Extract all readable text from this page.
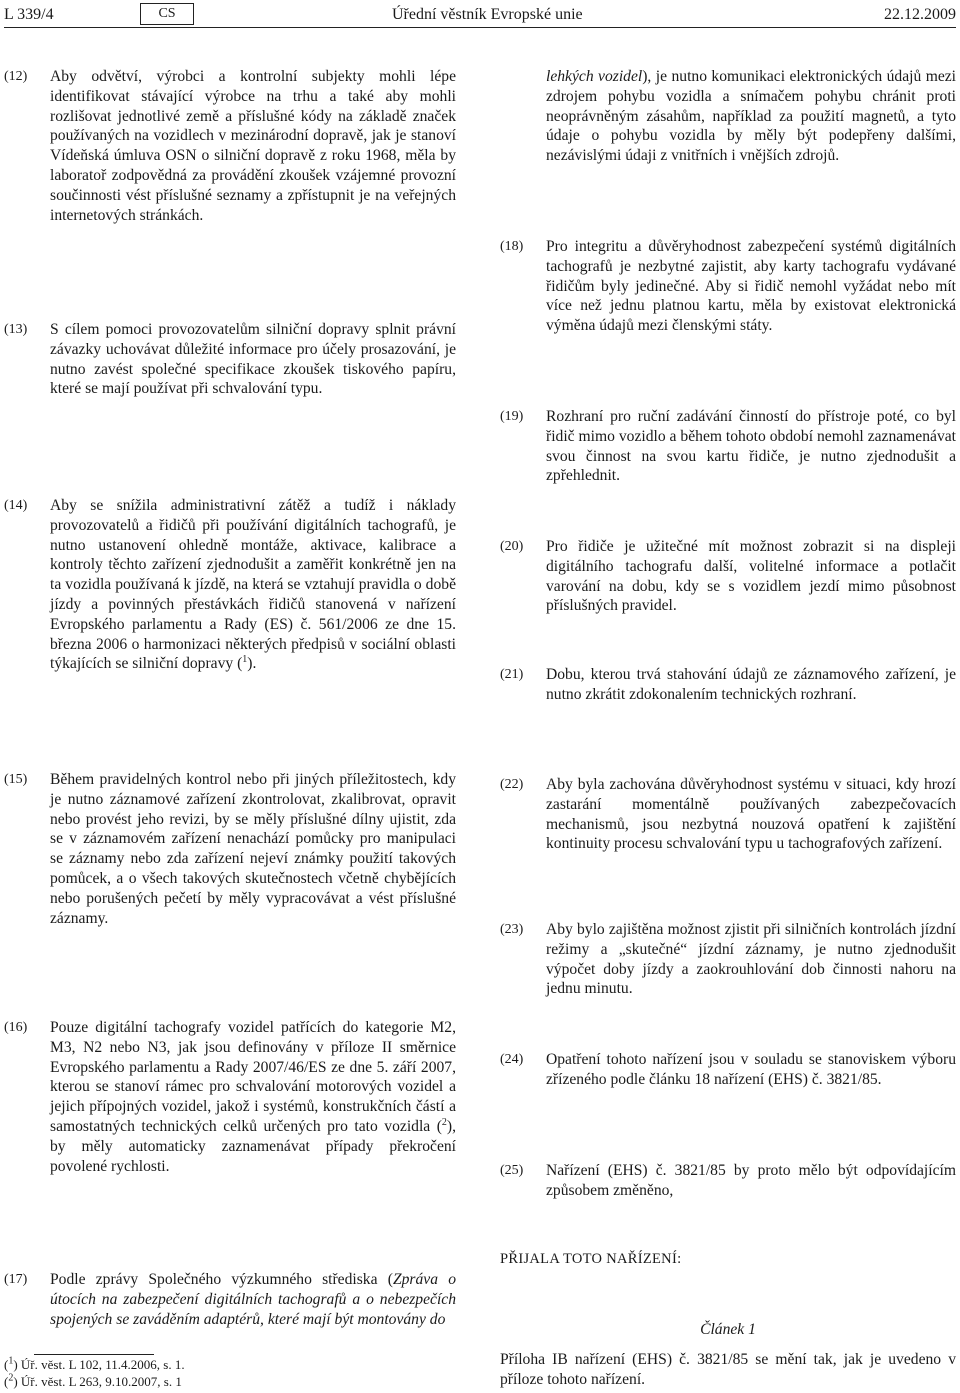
L 339/4	CS	Úřední věstník Evropské unie	22.12.2009
(12)	Aby odvětví, výrobci a kontrolní subjekty mohli lépe identifikovat stávající výrobce na trhu a také aby mohli rozlišovat jednotlivé země a příslušné kódy na základě značek používaných na vozidlech v mezinárodní dopravě, jak je stanoví Vídeňská úmluva OSN o silniční dopravě z roku 1968, měla by laboratoř zodpovědná za provádění zkoušek vzájemné provozní součinnosti vést příslušné seznamy a zpřístupnit je na veřejných internetových stránkách.
(13)	S cílem pomoci provozovatelům silniční dopravy splnit právní závazky uchovávat důležité informace pro účely prosazování, je nutno zavést společné specifikace zkoušek tiskového papíru, které se mají používat při schvalování typu.
(14)	Aby se snížila administrativní zátěž a tudíž i náklady provozovatelů a řidičů při používání digitálních tachografů, je nutno ustanovení ohledně montáže, aktivace, kalibrace a kontroly těchto zařízení zjednodušit a zaměřit konkrétně jen na ta vozidla používaná k jízdě, na která se vztahují pravidla o době jízdy a povinných přestávkách řidičů stanovená v nařízení Evropského parlamentu a Rady (ES) č. 561/2006 ze dne 15. března 2006 o harmonizaci některých předpisů v sociální oblasti týkajících se silniční dopravy ($^1$).
lehkých vozidel), je nutno komunikaci elektronických údajů mezi zdrojem pohybu vozidla a snímačem pohybu chránit proti neoprávněným zásahům, například za použití magnetů, a tyto údaje o pohybu vozidla by měly být podepřeny dalšími, nezávislými údaji z vnitřních i vnějších zdrojů.
(18)	Pro integritu a důvěryhodnost zabezpečení systémů digitálních tachografů je nezbytné zajistit, aby karty tachografu vydávané řidičům byly jedinečné. Aby si řidič nemohl vyžádat nebo mít více než jednu platnou kartu, měla by existovat elektronická výměna údajů mezi členskými státy.
(19)	Rozhraní pro ruční zadávání činností do přístroje poté, co byl řidič mimo vozidlo a během tohoto období nemohl zaznamenávat svou činnost na svou kartu řidiče, je nutno zjednodušit a zpřehlednit.
(20)	Pro řidiče je užitečné mít možnost zobrazit si na displeji digitálního tachografu další, volitelné informace a potlačit varování na dobu, kdy se s vozidlem jezdí mimo působnost příslušných pravidel.
(21)	Dobu, kterou trvá stahování údajů ze záznamového zařízení, je nutno zkrátit zdokonalením technických rozhraní.
(15)	Během pravidelných kontrol nebo při jiných příležitostech, kdy je nutno záznamové zařízení zkontrolovat, zkalibrovat, opravit nebo provést jeho revizi, by se měly příslušné dílny ujistit, zda se v záznamovém zařízení nenachází pomůcky pro manipulaci se záznamy nebo zda zařízení nejeví známky použití takových pomůcek, a o všech takových skutečnostech včetně chybějících nebo porušených pečetí by měly vypracovávat a vést příslušné záznamy.
(16)	Pouze digitální tachografy vozidel patřících do kategorie M2, M3, N2 nebo N3, jak jsou definovány v příloze II směrnice Evropského parlamentu a Rady 2007/46/ES ze dne 5. září 2007, kterou se stanoví rámec pro schvalování motorových vozidel a jejich přípojných vozidel, jakož i systémů, konstrukčních částí a samostatných technických celků určených pro tato vozidla ($^2$), by měly automaticky zaznamenávat případy překročení povolené rychlosti.
(22)	Aby byla zachována důvěryhodnost systému v situaci, kdy hrozí zastarání momentálně používaných zabezpečovacích mechanismů, jsou nezbytná nouzová opatření k zajištění kontinuity procesu schvalování typu u tachografových zařízení.
(23)	Aby bylo zajištěna možnost zjistit při silničních kontrolách jízdní režimy a „skutečné“ jízdní záznamy, je nutno zjednodušit výpočet doby jízdy a zaokrouhlování dob činnosti nahoru na jednu minutu.
(24)	Opatření tohoto nařízení jsou v souladu se stanoviskem výboru zřízeného podle článku 18 nařízení (EHS) č. 3821/85.
(25)	Nařízení (EHS) č. 3821/85 by proto mělo být odpovídajícím způsobem změněno,
(17)	Podle zprávy Společného výzkumného střediska (Zpráva o útocích na zabezpečení digitálních tachografů a o nebezpečích spojených se zaváděním adaptérů, které mají být montovány do
PŘIJALA TOTO NAŘÍZENÍ:
Článek 1
Příloha IB nařízení (EHS) č. 3821/85 se mění tak, jak je uvedeno v příloze tohoto nařízení.
($^1$) Úř. věst. L 102, 11.4.2006, s. 1.
($^2$) Úř. věst. L 263, 9.10.2007, s. 1
